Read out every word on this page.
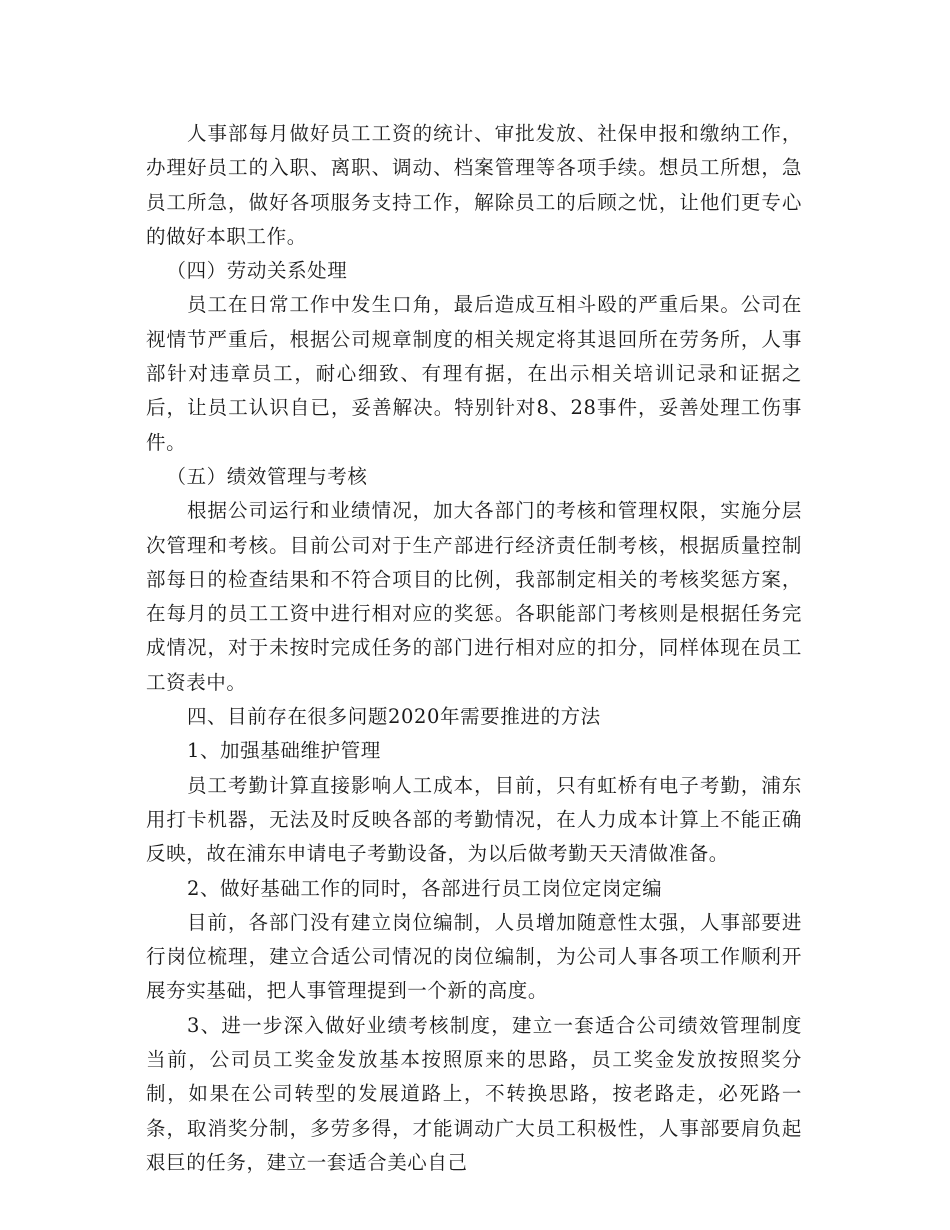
人事部每月做好员工工资的统计、审批发放、社保申报和缴纳工作，办理好员工的入职、离职、调动、档案管理等各项手续。想员工所想，急员工所急，做好各项服务支持工作，解除员工的后顾之忧，让他们更专心的做好本职工作。

（四）劳动关系处理

员工在日常工作中发生口角，最后造成互相斗殴的严重后果。公司在视情节严重后，根据公司规章制度的相关规定将其退回所在劳务所，人事部针对违章员工，耐心细致、有理有据，在出示相关培训记录和证据之后，让员工认识自已，妥善解决。特别针对8、28事件，妥善处理工伤事件。

（五）绩效管理与考核

根据公司运行和业绩情况，加大各部门的考核和管理权限，实施分层次管理和考核。目前公司对于生产部进行经济责任制考核，根据质量控制部每日的检查结果和不符合项目的比例，我部制定相关的考核奖惩方案，在每月的员工工资中进行相对应的奖惩。各职能部门考核则是根据任务完成情况，对于未按时完成任务的部门进行相对应的扣分，同样体现在员工工资表中。

四、目前存在很多问题2020年需要推进的方法

1、加强基础维护管理

员工考勤计算直接影响人工成本，目前，只有虹桥有电子考勤，浦东用打卡机器，无法及时反映各部的考勤情况，在人力成本计算上不能正确反映，故在浦东申请电子考勤设备，为以后做考勤天天清做准备。

2、做好基础工作的同时，各部进行员工岗位定岗定编

目前，各部门没有建立岗位编制，人员增加随意性太强，人事部要进行岗位梳理，建立合适公司情况的岗位编制，为公司人事各项工作顺利开展夯实基础，把人事管理提到一个新的高度。

3、进一步深入做好业绩考核制度，建立一套适合公司绩效管理制度当前，公司员工奖金发放基本按照原来的思路，员工奖金发放按照奖分制，如果在公司转型的发展道路上，不转换思路，按老路走，必死路一条，取消奖分制，多劳多得，才能调动广大员工积极性，人事部要肩负起艰巨的任务，建立一套适合美心自己
